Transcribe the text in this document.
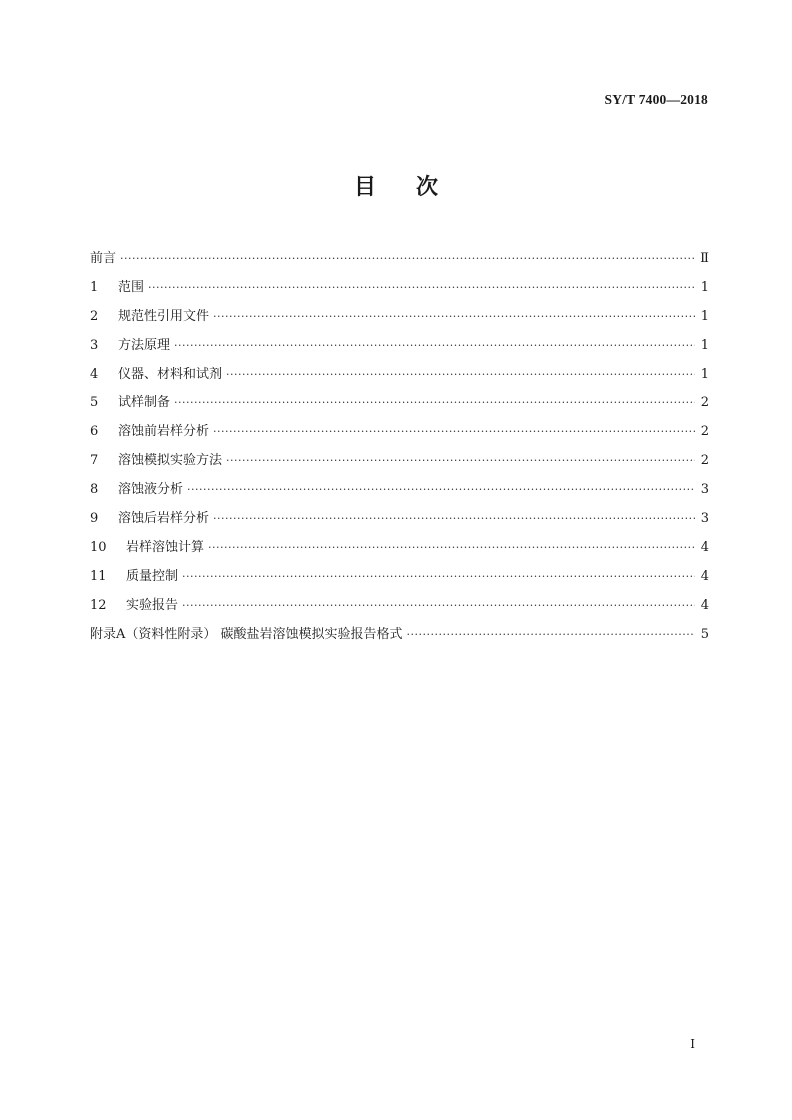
SY/T 7400—2018
目次
前言 ·····	Ⅱ
1	范围 ·····	1
2	规范性引用文件 ·····	1
3	方法原理 ·····	1
4	仪器、材料和试剂 ·····	1
5	试样制备 ·····	2
6	溶蚀前岩样分析 ·····	2
7	溶蚀模拟实验方法 ·····	2
8	溶蚀液分析 ·····	3
9	溶蚀后岩样分析 ·····	3
10	岩样溶蚀计算 ·····	4
11	质量控制 ·····	4
12	实验报告 ·····	4
附录A（资料性附录） 碳酸盐岩溶蚀模拟实验报告格式 ·····	5
I
